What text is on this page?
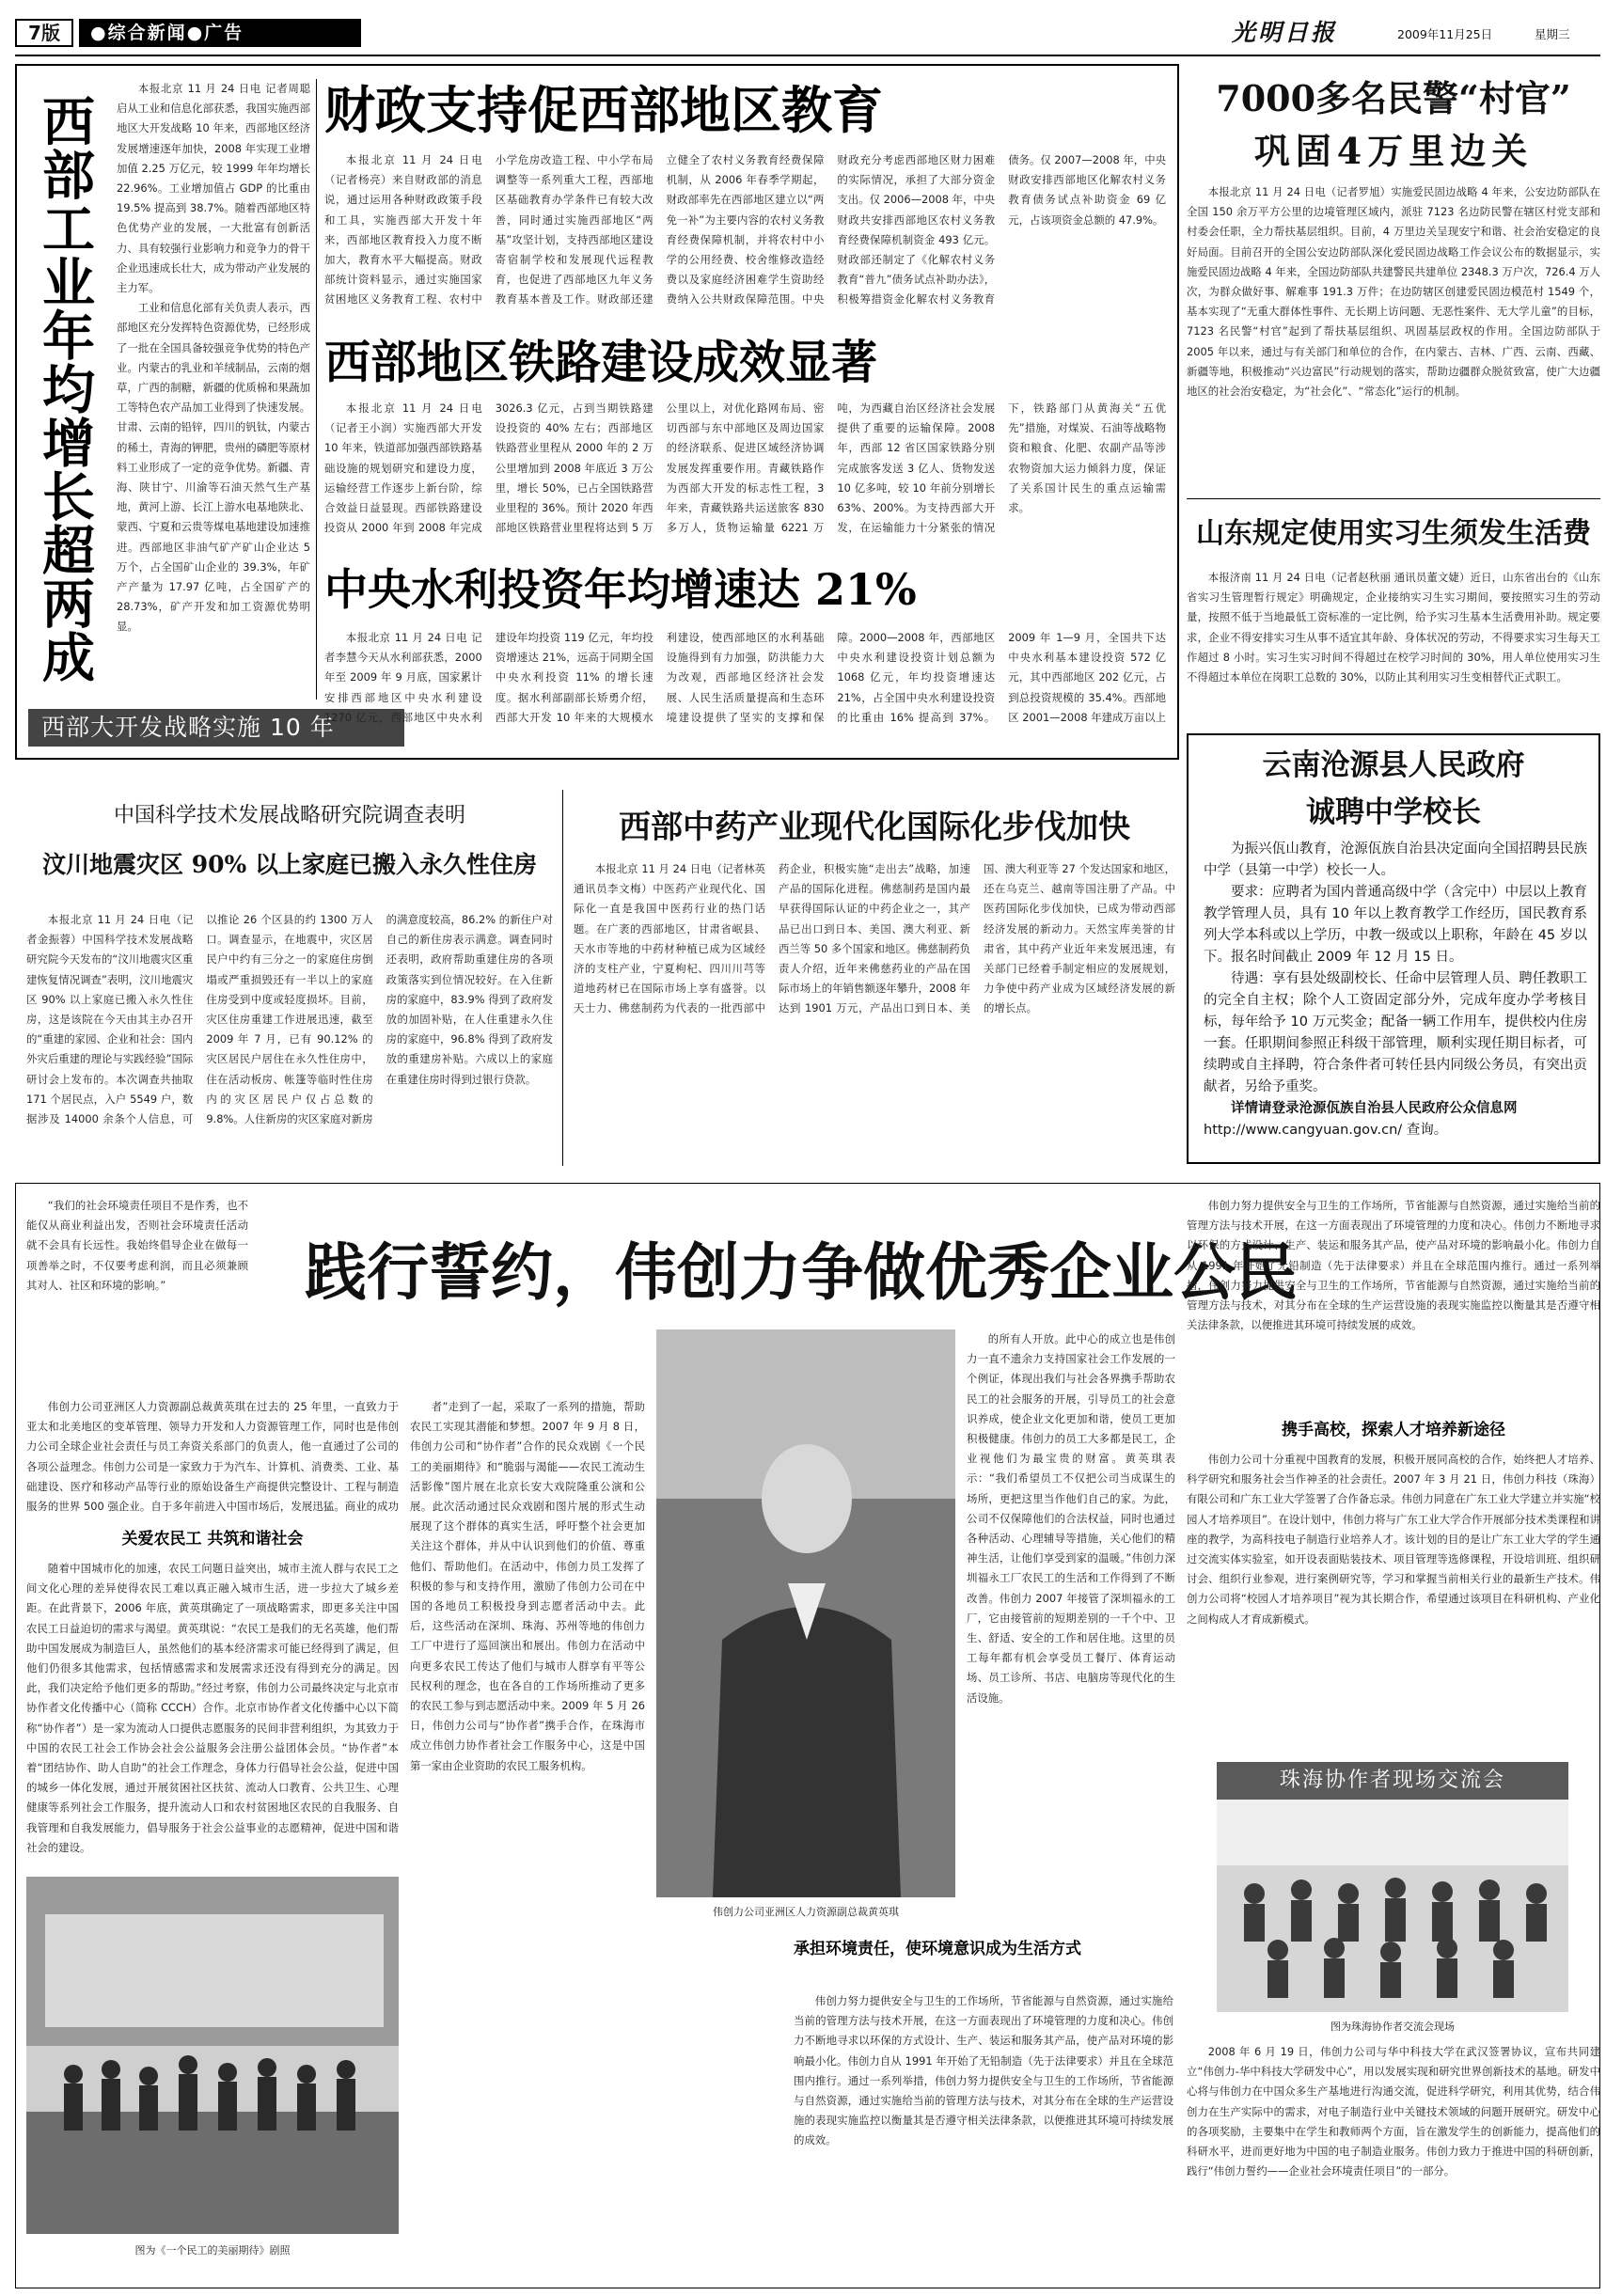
7版	●综合新闻●广告	光明日报	2009年11月25日	星期三
西部工业年均增长超两成

本报北京 11 月 24 日电 记者周聪启从工业和信息化部获悉，我国实施西部地区大开发战略 10 年来，西部地区经济发展增速逐年加快，2008 年实现工业增加值 2.25 万亿元，较 1999 年年均增长 22.96%。工业增加值占 GDP 的比重由 19.5% 提高到 38.7%。随着西部地区特色优势产业的发展，一大批富有创新活力、具有较强行业影响力和竞争力的骨干企业迅速成长壮大，成为带动产业发展的主力军。

工业和信息化部有关负责人表示，西部地区充分发挥特色资源优势，已经形成了一批在全国具备较强竞争优势的特色产业。内蒙古的乳业和羊绒制品，云南的烟草，广西的制糖，新疆的优质棉和果蔬加工等特色农产品加工业得到了快速发展。甘肃、云南的铅锌，四川的钒钛，内蒙古的稀土，青海的钾肥，贵州的磷肥等原材料工业形成了一定的竞争优势。新疆、青海、陕甘宁、川渝等石油天然气生产基地，黄河上游、长江上游水电基地陕北、蒙西、宁夏和云贵等煤电基地建设加速推进。西部地区非油气矿产矿山企业达 5 万个，占全国矿山企业的 39.3%，年矿产产量为 17.97 亿吨，占全国矿产的 28.73%，矿产开发和加工资源优势明显。

西部大开发战略实施 10 年
财政支持促西部地区教育
本报北京 11 月 24 日电（记者杨亮）来自财政部的消息说，通过运用各种财政政策手段和工具，实施西部大开发十年来，西部地区教育投入力度不断加大，教育水平大幅提高。财政部统计资料显示，通过实施国家贫困地区义务教育工程、农村中小学危房改造工程、中小学布局调整等一系列重大工程，西部地区基础教育办学条件已有较大改善，同时通过实施西部地区“两基”攻坚计划，支持西部地区建设寄宿制学校和发展现代远程教育，也促进了西部地区九年义务教育基本普及工作。财政部还建立健全了农村义务教育经费保障机制，从 2006 年春季学期起，财政部率先在西部地区建立以“两免一补”为主要内容的农村义务教育经费保障机制，并将农村中小学的公用经费、校舍维修改造经费以及家庭经济困难学生资助经费纳入公共财政保障范围。中央财政充分考虑西部地区财力困难的实际情况，承担了大部分资金支出。仅 2006—2008 年，中央财政共安排西部地区农村义务教育经费保障机制资金 493 亿元。财政部还制定了《化解农村义务教育“普九”债务试点补助办法》，积极筹措资金化解农村义务教育债务。仅 2007—2008 年，中央财政安排西部地区化解农村义务教育债务试点补助资金 69 亿元，占该项资金总额的 47.9%。
西部地区铁路建设成效显著
本报北京 11 月 24 日电（记者王小润）实施西部大开发 10 年来，铁道部加强西部铁路基础设施的规划研究和建设力度，运输经营工作逐步上新台阶，综合效益日益显现。西部铁路建设投资从 2000 年到 2008 年完成 3026.3 亿元，占到当期铁路建设投资的 40% 左右；西部地区铁路营业里程从 2000 年的 2 万公里增加到 2008 年底近 3 万公里，增长 50%，已占全国铁路营业里程的 36%。预计 2020 年西部地区铁路营业里程将达到 5 万公里以上，对优化路网布局、密切西部与东中部地区及周边国家的经济联系、促进区域经济协调发展发挥重要作用。青藏铁路作为西部大开发的标志性工程，3 年来，青藏铁路共运送旅客 830 多万人，货物运输量 6221 万吨，为西藏自治区经济社会发展提供了重要的运输保障。2008 年，西部 12 省区国家铁路分别完成旅客发送 3 亿人、货物发送 10 亿多吨，较 10 年前分别增长 63%、200%。为支持西部大开发，在运输能力十分紧张的情况下，铁路部门从黄海关“五优先”措施，对煤炭、石油等战略物资和粮食、化肥、农副产品等涉农物资加大运力倾斜力度，保证了关系国计民生的重点运输需求。
中央水利投资年均增速达 21%
本报北京 11 月 24 日电 记者李慧今天从水利部获悉，2000 年至 2009 年 9 月底，国家累计安排西部地区中央水利建设 1270 亿元，西部地区中央水利建设年均投资 119 亿元，年均投资增速达 21%，远高于同期全国中央水利投资 11% 的增长速度。据水利部副部长矫勇介绍，西部大开发 10 年来的大规模水利建设，使西部地区的水利基础设施得到有力加强，防洪能力大为改观，西部地区经济社会发展、人民生活质量提高和生态环境建设提供了坚实的支撑和保障。2000—2008 年，西部地区中央水利建设投资计划总额为 1068 亿元，年均投资增速达 21%，占全国中央水利建设投资的比重由 16% 提高到 37%。2009 年 1—9 月，全国共下达中央水利基本建设投资 572 亿元，其中西部地区 202 亿元，占到总投资规模的 35.4%。西部地区 2001—2008 年建成万亩以上
7000多名民警“村官”
巩固4万里边关
本报北京 11 月 24 日电（记者罗旭）实施爱民固边战略 4 年来，公安边防部队在全国 150 余万平方公里的边境管理区域内，派驻 7123 名边防民警在辖区村党支部和村委会任职，全力帮扶基层组织。目前，4 万里边关呈现安宁和谐、社会治安稳定的良好局面。目前召开的全国公安边防部队深化爱民固边战略工作会议公布的数据显示，实施爱民固边战略 4 年来，全国边防部队共建警民共建单位 2348.3 万户次，726.4 万人次，为群众做好事、解难事 191.3 万件；在边防辖区创建爱民固边模范村 1549 个，基本实现了“无重大群体性事件、无长期上访问题、无恶性案件、无大学儿童”的目标，7123 名民警“村官”起到了帮扶基层组织、巩固基层政权的作用。全国边防部队于 2005 年以来，通过与有关部门和单位的合作，在内蒙古、吉林、广西、云南、西藏、新疆等地，积极推动“兴边富民”行动规划的落实，帮助边疆群众脱贫致富，使广大边疆地区的社会治安稳定，为“社会化”、“常态化”运行的机制。
山东规定使用实习生须发生活费
本报济南 11 月 24 日电（记者赵秋丽 通讯员董文婕）近日，山东省出台的《山东省实习生管理暂行规定》明确规定，企业接纳实习生实习期间，要按照实习生的劳动量，按照不低于当地最低工资标准的一定比例，给予实习生基本生活费用补助。规定要求，企业不得安排实习生从事不适宜其年龄、身体状况的劳动，不得要求实习生每天工作超过 8 小时。实习生实习时间不得超过在校学习时间的 30%，用人单位使用实习生不得超过本单位在岗职工总数的 30%，以防止其利用实习生变相替代正式职工。
云南沧源县人民政府
诚聘中学校长

为振兴佤山教育，沧源佤族自治县决定面向全国招聘县民族中学（县第一中学）校长一人。

要求：应聘者为国内普通高级中学（含完中）中层以上教育教学管理人员，具有 10 年以上教育教学工作经历，国民教育系列大学本科或以上学历，中教一级或以上职称，年龄在 45 岁以下。报名时间截止 2009 年 12 月 15 日。

待遇：享有县处级副校长、任命中层管理人员、聘任教职工的完全自主权；除个人工资固定部分外，完成年度办学考核目标，每年给予 10 万元奖金；配备一辆工作用车，提供校内住房一套。任职期间参照正科级干部管理，顺利实现任期目标者，可续聘或自主择聘，符合条件者可转任县内同级公务员，有突出贡献者，另给予重奖。

详情请登录沧源佤族自治县人民政府公众信息网

http://www.cangyuan.gov.cn/ 查询。

中国科学技术发展战略研究院调查表明
汶川地震灾区 90% 以上家庭已搬入永久性住房
本报北京 11 月 24 日电（记者金振蓉）中国科学技术发展战略研究院今天发布的“汶川地震灾区重建恢复情况调查”表明，汶川地震灾区 90% 以上家庭已搬入永久性住房，这是该院在今天由其主办召开的“重建的家园、企业和社会：国内外灾后重建的理论与实践经验”国际研讨会上发布的。本次调查共抽取 171 个居民点，入户 5549 户，数据涉及 14000 余条个人信息，可以推论 26 个区县的约 1300 万人口。调查显示，在地震中，灾区居民户中约有三分之一的家庭住房倒塌或严重损毁还有一半以上的家庭住房受到中度或轻度损坏。目前，灾区住房重建工作进展迅速，截至 2009 年 7 月，已有 90.12% 的灾区居民户居住在永久性住房中，住在活动板房、帐篷等临时性住房内的灾区居民户仅占总数的 9.8%。人住新房的灾区家庭对新房的满意度较高，86.2% 的新住户对自己的新住房表示满意。调查同时还表明，政府帮助重建住房的各项政策落实到位情况较好。在入住新房的家庭中，83.9% 得到了政府发放的加固补贴，在人住重建永久住房的家庭中，96.8% 得到了政府发放的重建房补贴。六成以上的家庭在重建住房时得到过银行贷款。
西部中药产业现代化国际化步伐加快
本报北京 11 月 24 日电（记者林英 通讯员李文梅）中医药产业现代化、国际化一直是我国中医药行业的热门话题。在广袤的西部地区，甘肃省岷县、天水市等地的中药材种植已成为区域经济的支柱产业，宁夏枸杞、四川川芎等道地药材已在国际市场上享有盛誉。以天士力、佛慈制药为代表的一批西部中药企业，积极实施“走出去”战略，加速产品的国际化进程。佛慈制药是国内最早获得国际认证的中药企业之一，其产品已出口到日本、美国、澳大利亚、新西兰等 50 多个国家和地区。佛慈制药负责人介绍，近年来佛慈药业的产品在国际市场上的年销售额逐年攀升，2008 年达到 1901 万元，产品出口到日本、美国、澳大利亚等 27 个发达国家和地区，还在乌克兰、越南等国注册了产品。中医药国际化步伐加快，已成为带动西部经济发展的新动力。天然宝库美誉的甘肃省，其中药产业近年来发展迅速，有关部门已经着手制定相应的发展规划，力争使中药产业成为区域经济发展的新的增长点。
“我们的社会环境责任项目不是作秀，也不能仅从商业利益出发，否则社会环境责任活动就不会具有长远性。我始终倡导企业在做每一项善举之时，不仅要考虑利润，而且必须兼顾其对人、社区和环境的影响。”	践行誓约，伟创力争做优秀企业公民
伟创力公司亚洲区人力资源副总裁黄英琪在过去的 25 年里，一直致力于亚太和北美地区的变革管理、领导力开发和人力资源管理工作，同时也是伟创力公司全球企业社会责任与员工奔资关系部门的负责人，他一直通过了公司的各项公益理念。伟创力公司是一家致力于为汽车、计算机、消费类、工业、基础建设、医疗和移动产品等行业的原始设备生产商提供完整设计、工程与制造服务的世界 500 强企业。自于多年前进入中国市场后，发展迅猛。商业的成功
关爱农民工 共筑和谐社会
随着中国城市化的加速，农民工问题日益突出，城市主流人群与农民工之间文化心理的差异使得农民工难以真正融入城市生活，进一步拉大了城乡差距。在此背景下，2006 年底，黄英琪确定了一项战略需求，即更多关注中国农民工日益迫切的需求与渴望。黄英琪说：“农民工是我们的无名英雄，他们帮助中国发展成为制造巨人，虽然他们的基本经济需求可能已经得到了满足，但他们仍很多其他需求，包括情感需求和发展需求还没有得到充分的满足。因此，我们决定给予他们更多的帮助。”经过考察，伟创力公司最终决定与北京市协作者文化传播中心（简称 CCCH）合作。北京市协作者文化传播中心以下简称“协作者”）是一家为流动人口提供志愿服务的民间非营利组织，为其致力于中国的农民工社会工作协会社会公益服务会注册公益团体会员。“协作者”本着“团结协作、助人自助”的社会工作理念，身体力行倡导社会公益，促进中国的城乡一体化发展，通过开展贫困社区扶贫、流动人口教育、公共卫生、心理健康等系列社会工作服务，提升流动人口和农村贫困地区农民的自我服务、自我管理和自我发展能力，倡导服务于社会公益事业的志愿精神，促进中国和谐社会的建设。
图为《一个民工的美丽期待》剧照
者”走到了一起，采取了一系列的措施，帮助农民工实现其潜能和梦想。2007 年 9 月 8 日，伟创力公司和“协作者”合作的民众戏剧《一个民工的美丽期待》和“脆弱与渴能——农民工流动生活影像”图片展在北京长安大戏院隆重公演和公展。此次活动通过民众戏剧和图片展的形式生动展现了这个群体的真实生活，呼吁整个社会更加关注这个群体，并从中认识到他们的价值、尊重他们、帮助他们。在活动中，伟创力员工发挥了积极的参与和支持作用，激励了伟创力公司在中国的各地员工积极投身到志愿者活动中去。此后，这些活动在深圳、珠海、苏州等地的伟创力工厂中进行了巡回演出和展出。伟创力在活动中向更多农民工传达了他们与城市人群享有平等公民权利的理念，也在各自的工作场所推动了更多的农民工参与到志愿活动中来。2009 年 5 月 26 日，伟创力公司与“协作者”携手合作，在珠海市成立伟创力协作者社会工作服务中心，这是中国第一家由企业资助的农民工服务机构。
伟创力公司亚洲区人力资源副总裁黄英琪
的所有人开放。此中心的成立也是伟创力一直不遗余力支持国家社会工作发展的一个例证，体现出我们与社会各界携手帮助农民工的社会服务的开展，引导员工的社会意识养成，使企业文化更加和谐，使员工更加积极健康。伟创力的员工大多都是民工，企业视他们为最宝贵的财富。黄英琪表示：“我们希望员工不仅把公司当成谋生的场所，更把这里当作他们自己的家。为此，公司不仅保障他们的合法权益，同时也通过各种活动、心理辅导等措施，关心他们的精神生活，让他们享受到家的温暖。”伟创力深圳福永工厂农民工的生活和工作得到了不断改善。伟创力 2007 年接管了深圳福永的工厂，它由接管前的短期差别的一千个中、卫生、舒适、安全的工作和居住地。这里的员工每年都有机会享受员工餐厅、体育运动场、员工诊所、书店、电脑房等现代化的生活设施。
承担环境责任，使环境意识成为生活方式
伟创力努力提供安全与卫生的工作场所，节省能源与自然资源，通过实施给当前的管理方法与技术开展，在这一方面表现出了环境管理的力度和决心。伟创力不断地寻求以环保的方式设计、生产、装运和服务其产品，使产品对环境的影响最小化。伟创力自从 1991 年开始了无铅制造（先于法律要求）并且在全球范围内推行。通过一系列举措，伟创力努力提供安全与卫生的工作场所，节省能源与自然资源，通过实施给当前的管理方法与技术，对其分布在全球的生产运营设施的表现实施监控以衡量其是否遵守相关法律条款，以便推进其环境可持续发展的成效。
伟创力努力提供安全与卫生的工作场所，节省能源与自然资源，通过实施给当前的管理方法与技术开展，在这一方面表现出了环境管理的力度和决心。伟创力不断地寻求以环保的方式设计、生产、装运和服务其产品，使产品对环境的影响最小化。伟创力自从 1991 年开始了无铅制造（先于法律要求）并且在全球范围内推行。通过一系列举措，伟创力努力提供安全与卫生的工作场所，节省能源与自然资源，通过实施给当前的管理方法与技术，对其分布在全球的生产运营设施的表现实施监控以衡量其是否遵守相关法律条款，以便推进其环境可持续发展的成效。
携手高校，探索人才培养新途径
伟创力公司十分重视中国教育的发展，积极开展同高校的合作，始终把人才培养、科学研究和服务社会当作神圣的社会责任。2007 年 3 月 21 日，伟创力科技（珠海）有限公司和广东工业大学签署了合作备忘录。伟创力同意在广东工业大学建立并实施“校园人才培养项目”。在设计划中，伟创力将与广东工业大学合作开展部分技术类课程和讲座的教学，为高科技电子制造行业培养人才。该计划的目的是让广东工业大学的学生通过交流实体实验室，如开设表面贴装技术、项目管理等选修课程，开设培训班、组织研讨会、组织行业参观，进行案例研究等，学习和掌握当前相关行业的最新生产技术。伟创力公司将“校园人才培养项目”视为其长期合作，希望通过该项目在科研机构、产业化之间构成人才育成新模式。
珠海协作者现场交流会
图为珠海协作者交流会现场
2008 年 6 月 19 日，伟创力公司与华中科技大学在武汉签署协议，宣布共同建立“伟创力-华中科技大学研发中心”，用以发展实现和研究世界创新技术的基地。研发中心将与伟创力在中国众多生产基地进行沟通交流，促进科学研究，利用其优势，结合伟创力在生产实际中的需求，对电子制造行业中关键技术领域的问题开展研究。研发中心的各项奖励，主要集中在学生和教师两个方面，旨在激发学生的创新能力，提高他们的科研水平，进而更好地为中国的电子制造业服务。伟创力致力于推进中国的科研创新，践行“伟创力誓约——企业社会环境责任项目”的一部分。
